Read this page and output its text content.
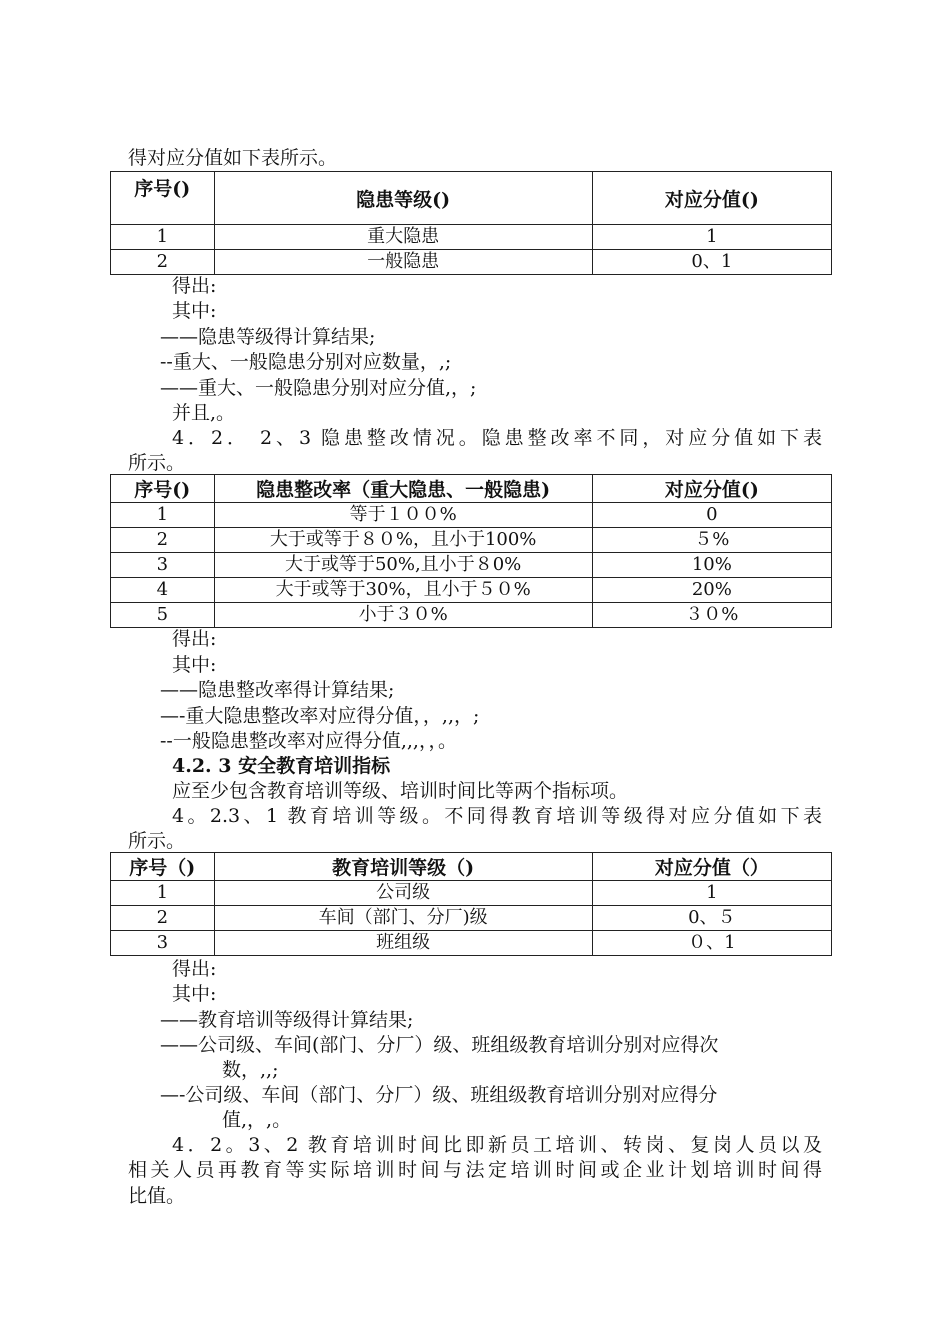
得对应分值如下表所示。
序号()	隐患等级()	对应分值()
1	重大隐患	1
2	一般隐患	0、1
得出:
其中:
——隐患等级得计算结果;
--重大、一般隐患分别对应数量，,;
——重大、一般隐患分别对应分值,，;
并且,。
4．2． 2、3 隐患整改情况。隐患整改率不同，对应分值如下表
所示。
序号()	隐患整改率（重大隐患、一般隐患)	对应分值()
1	等于１００%	0
2	大于或等于８０%，且小于100%	５%
3	大于或等于50%,且小于８0%	10%
4	大于或等于30%，且小于５０%	20%
5	小于３０%	３０%
得出:
其中:
——隐患整改率得计算结果;
—-重大隐患整改率对应得分值，，,,，;
--一般隐患整改率对应得分值,,,，，。
4.2. 3 安全教育培训指标
应至少包含教育培训等级、培训时间比等两个指标项。
4。2.3、1 教育培训等级。不同得教育培训等级得对应分值如下表
所示。
序号（)	教育培训等级（)	对应分值（）
1	公司级	1
2	车间（部门、分厂)级	0、５
3	班组级	０、1
得出:
其中:
——教育培训等级得计算结果;
——公司级、车间(部门、分厂）级、班组级教育培训分别对应得次
数，,,;
—-公司级、车间（部门、分厂）级、班组级教育培训分别对应得分
值,，,。
4．2。3、2 教育培训时间比即新员工培训、转岗、复岗人员以及
相关人员再教育等实际培训时间与法定培训时间或企业计划培训时间得
比值。
